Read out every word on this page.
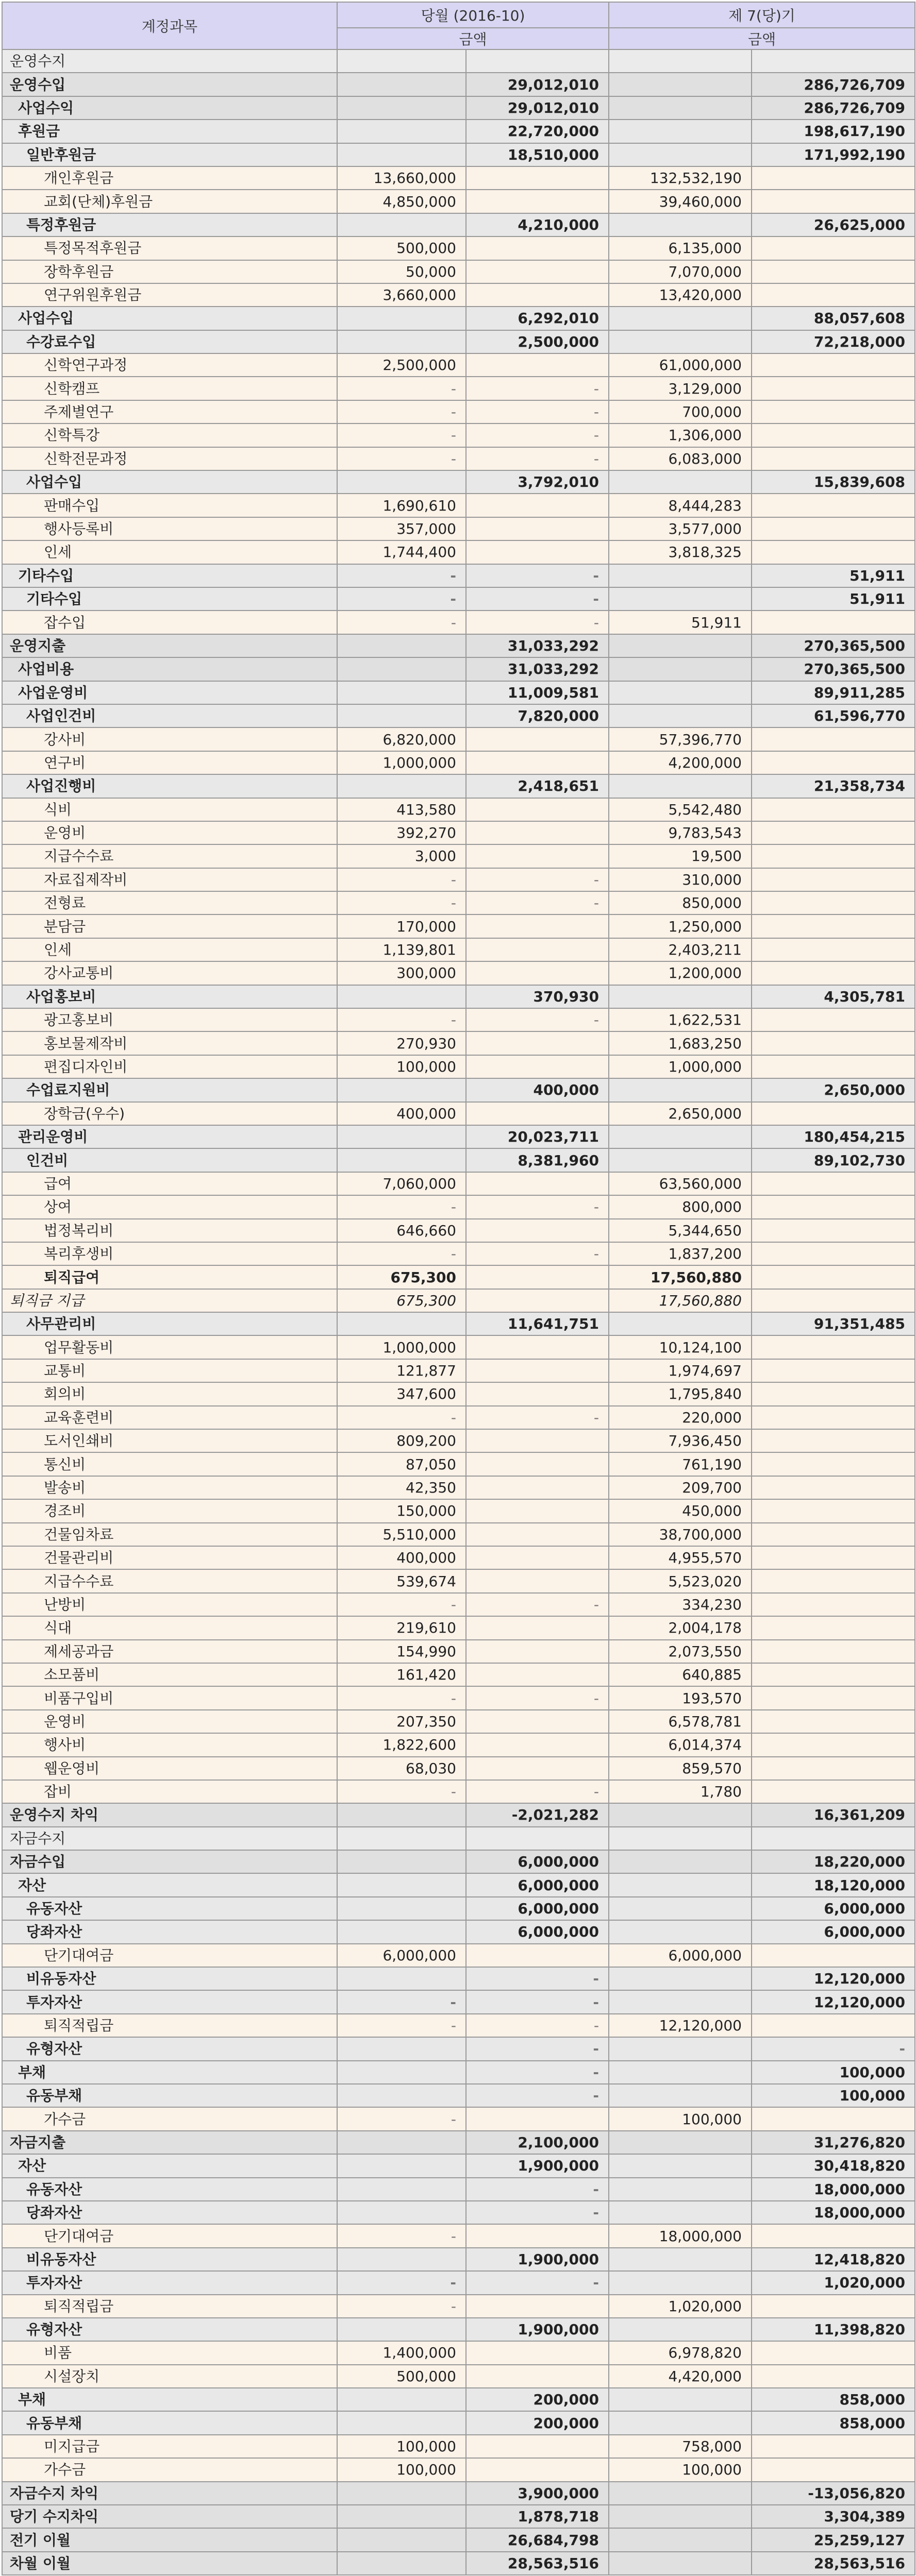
계정과목	당월 (2016-10)		제 7(당)기	
	금액		금액	
운영수지				
운영수입		29,012,010		286,726,709
사업수익		29,012,010		286,726,709
후원금		22,720,000		198,617,190
일반후원금		18,510,000		171,992,190
개인후원금	13,660,000		132,532,190	
교회(단체)후원금	4,850,000		39,460,000	
특정후원금		4,210,000		26,625,000
특정목적후원금	500,000		6,135,000	
장학후원금	50,000		7,070,000	
연구위원후원금	3,660,000		13,420,000	
사업수입		6,292,010		88,057,608
수강료수입		2,500,000		72,218,000
신학연구과정	2,500,000		61,000,000	
신학캠프	-	-	3,129,000	
주제별연구	-	-	700,000	
신학특강	-	-	1,306,000	
신학전문과정	-	-	6,083,000	
사업수입		3,792,010		15,839,608
판매수입	1,690,610		8,444,283	
행사등록비	357,000		3,577,000	
인세	1,744,400		3,818,325	
기타수입	-	-		51,911
기타수입	-	-		51,911
잡수입	-	-	51,911	
운영지출		31,033,292		270,365,500
사업비용		31,033,292		270,365,500
사업운영비		11,009,581		89,911,285
사업인건비		7,820,000		61,596,770
강사비	6,820,000		57,396,770	
연구비	1,000,000		4,200,000	
사업진행비		2,418,651		21,358,734
식비	413,580		5,542,480	
운영비	392,270		9,783,543	
지급수수료	3,000		19,500	
자료집제작비	-	-	310,000	
전형료	-	-	850,000	
분담금	170,000		1,250,000	
인세	1,139,801		2,403,211	
강사교통비	300,000		1,200,000	
사업홍보비		370,930		4,305,781
광고홍보비	-	-	1,622,531	
홍보물제작비	270,930		1,683,250	
편집디자인비	100,000		1,000,000	
수업료지원비		400,000		2,650,000
장학금(우수)	400,000		2,650,000	
관리운영비		20,023,711		180,454,215
인건비		8,381,960		89,102,730
급여	7,060,000		63,560,000	
상여	-	-	800,000	
법정복리비	646,660		5,344,650	
복리후생비	-	-	1,837,200	
퇴직급여	675,300		17,560,880	
퇴직금 지급	675,300		17,560,880	
사무관리비		11,641,751		91,351,485
업무활동비	1,000,000		10,124,100	
교통비	121,877		1,974,697	
회의비	347,600		1,795,840	
교육훈련비	-	-	220,000	
도서인쇄비	809,200		7,936,450	
통신비	87,050		761,190	
발송비	42,350		209,700	
경조비	150,000		450,000	
건물임차료	5,510,000		38,700,000	
건물관리비	400,000		4,955,570	
지급수수료	539,674		5,523,020	
난방비	-	-	334,230	
식대	219,610		2,004,178	
제세공과금	154,990		2,073,550	
소모품비	161,420		640,885	
비품구입비	-	-	193,570	
운영비	207,350		6,578,781	
행사비	1,822,600		6,014,374	
웹운영비	68,030		859,570	
잡비	-	-	1,780	
운영수지 차익		-2,021,282		16,361,209
자금수지				
자금수입		6,000,000		18,220,000
자산		6,000,000		18,120,000
유동자산		6,000,000		6,000,000
당좌자산		6,000,000		6,000,000
단기대여금	6,000,000		6,000,000	
비유동자산		-		12,120,000
투자자산	-	-		12,120,000
퇴직적립금	-	-	12,120,000	
유형자산		-		-
부채		-		100,000
유동부채		-		100,000
가수금	-		100,000	
자금지출		2,100,000		31,276,820
자산		1,900,000		30,418,820
유동자산		-		18,000,000
당좌자산		-		18,000,000
단기대여금	-		18,000,000	
비유동자산		1,900,000		12,418,820
투자자산	-	-		1,020,000
퇴직적립금	-		1,020,000	
유형자산		1,900,000		11,398,820
비품	1,400,000		6,978,820	
시설장치	500,000		4,420,000	
부채		200,000		858,000
유동부채		200,000		858,000
미지급금	100,000		758,000	
가수금	100,000		100,000	
자금수지 차익		3,900,000		-13,056,820
당기 수지차익		1,878,718		3,304,389
전기 이월		26,684,798		25,259,127
차월 이월		28,563,516		28,563,516
